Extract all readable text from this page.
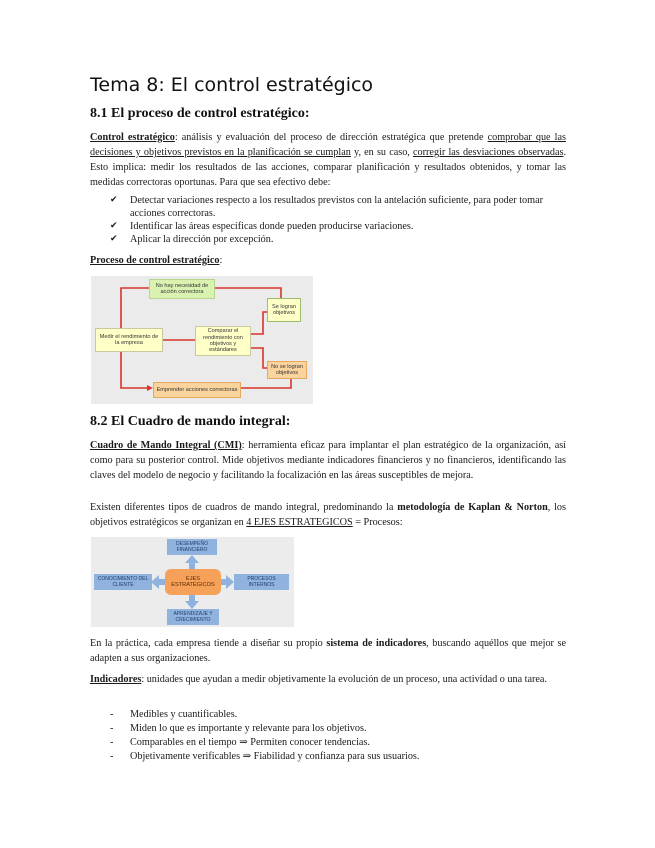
Tema 8: El control estratégico
8.1 El proceso de control estratégico:

Control estratégico: análisis y evaluación del proceso de dirección estratégica que pretende comprobar que las decisiones y objetivos previstos en la planificación se cumplan y, en su caso, corregir las desviaciones observadas. Esto implica: medir los resultados de las acciones, comparar planificación y resultados obtenidos, y tomar las medidas correctoras oportunas. Para que sea efectivo debe:

✔ Detectar variaciones respecto a los resultados previstos con la antelación suficiente, para poder tomar acciones correctoras.
✔ Identificar las áreas específicas donde pueden producirse variaciones.
✔ Aplicar la dirección por excepción.

Proceso de control estratégico:

No hay necesidad de acción correctora
Se logran objetivos
Medir el rendimiento de la empresa
Comparar el rendimiento con objetivos y estándares
No se logran objetivos
Emprender acciones correctoras
8.2 El Cuadro de mando integral:

Cuadro de Mando Integral (CMI): herramienta eficaz para implantar el plan estratégico de la organización, así como para su posterior control. Mide objetivos mediante indicadores financieros y no financieros, identificando las claves del modelo de negocio y facilitando la focalización en las áreas susceptibles de mejora.

Existen diferentes tipos de cuadros de mando integral, predominando la metodología de Kaplan & Norton, los objetivos estratégicos se organizan en 4 EJES ESTRATEGICOS = Procesos:

DESEMPEÑO FINANCIERO
EJES ESTRATÉGICOS
CONOCIMIENTO DEL CLIENTE
PROCESOS INTERNOS
APRENDIZAJE Y CRECIMIENTO

En la práctica, cada empresa tiende a diseñar su propio sistema de indicadores, buscando aquéllos que mejor se adapten a sus organizaciones.

Indicadores: unidades que ayudan a medir objetivamente la evolución de un proceso, una actividad o una tarea.

- Medibles y cuantificables.
- Miden lo que es importante y relevante para los objetivos.
- Comparables en el tiempo ⇒ Permiten conocer tendencias.
- Objetivamente verificables ⇒ Fiabilidad y confianza para sus usuarios.
